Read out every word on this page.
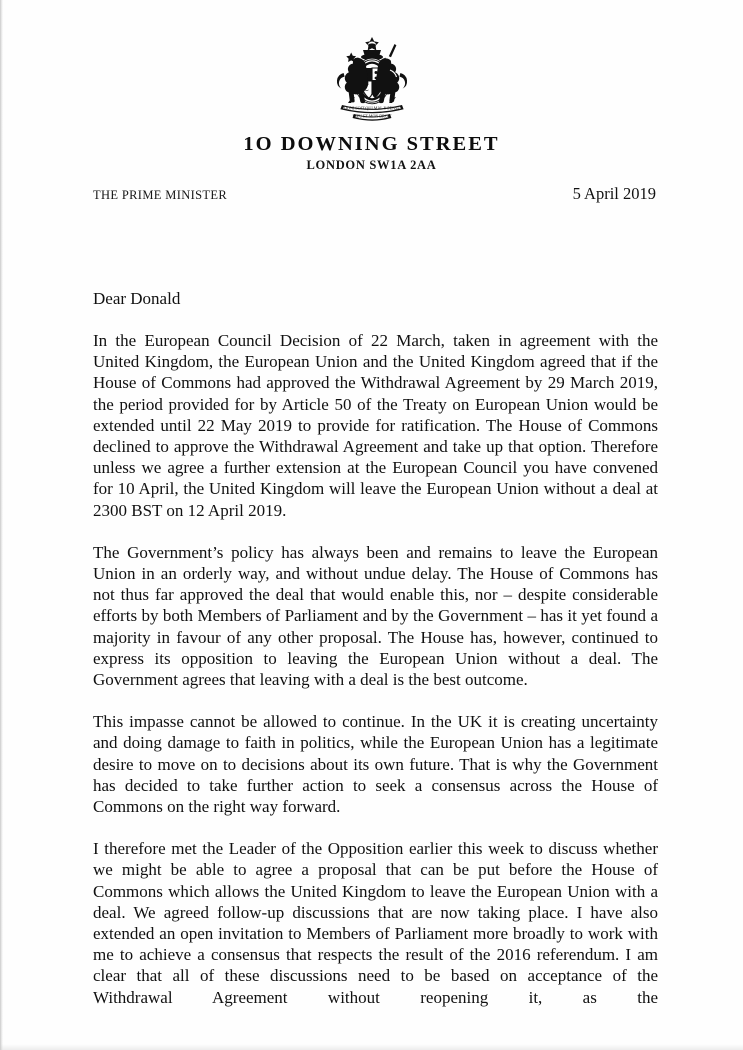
HONI SOIT QUI MAL Y PENSE
DIEU ET MON DROIT
1O DOWNING STREET
LONDON SW1A 2AA
THE PRIME MINISTER	5 April 2019

Dear Donald

In the European Council Decision of 22 March, taken in agreement with the United Kingdom, the European Union and the United Kingdom agreed that if the House of Commons had approved the Withdrawal Agreement by 29 March 2019, the period provided for by Article 50 of the Treaty on European Union would be extended until 22 May 2019 to provide for ratification. The House of Commons declined to approve the Withdrawal Agreement and take up that option. Therefore unless we agree a further extension at the European Council you have convened for 10 April, the United Kingdom will leave the European Union without a deal at 2300 BST on 12 April 2019.

The Government’s policy has always been and remains to leave the European Union in an orderly way, and without undue delay. The House of Commons has not thus far approved the deal that would enable this, nor – despite considerable efforts by both Members of Parliament and by the Government – has it yet found a majority in favour of any other proposal. The House has, however, continued to express its opposition to leaving the European Union without a deal. The Government agrees that leaving with a deal is the best outcome.

This impasse cannot be allowed to continue. In the UK it is creating uncertainty and doing damage to faith in politics, while the European Union has a legitimate desire to move on to decisions about its own future. That is why the Government has decided to take further action to seek a consensus across the House of Commons on the right way forward.

I therefore met the Leader of the Opposition earlier this week to discuss whether we might be able to agree a proposal that can be put before the House of Commons which allows the United Kingdom to leave the European Union with a deal. We agreed follow-up discussions that are now taking place. I have also extended an open invitation to Members of Parliament more broadly to work with me to achieve a consensus that respects the result of the 2016 referendum. I am clear that all of these discussions need to be based on acceptance of the Withdrawal Agreement without reopening it, as the
